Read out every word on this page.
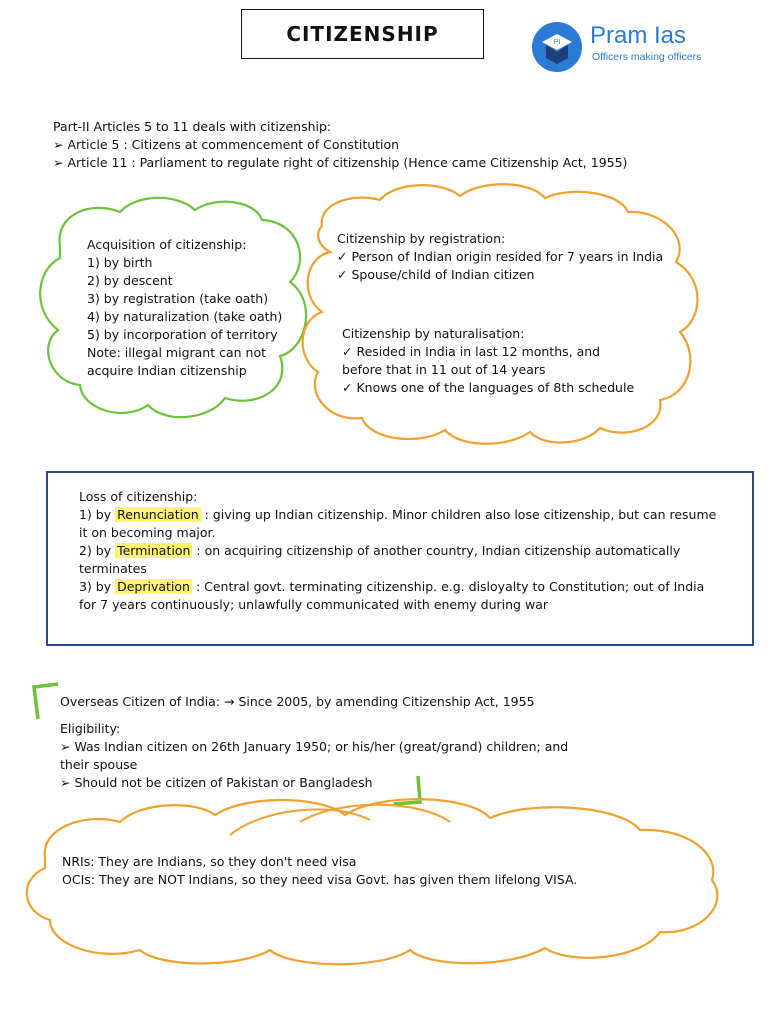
CITIZENSHIP	PI Pram Ias
Officers making officers
Part-II Articles 5 to 11 deals with citizenship:
➢ Article 5 : Citizens at commencement of Constitution
➢ Article 11 : Parliament to regulate right of citizenship (Hence came Citizenship Act, 1955)
Acquisition of citizenship:
1) by birth
2) by descent
3) by registration (take oath)
4) by naturalization (take oath)
5) by incorporation of territory
Note: illegal migrant can not
acquire Indian citizenship
Citizenship by registration:
✓ Person of Indian origin resided for 7 years in India
✓ Spouse/child of Indian citizen
Citizenship by naturalisation:
✓ Resided in India in last 12 months, and
before that in 11 out of 14 years
✓ Knows one of the languages of 8th schedule
Loss of citizenship:
1) by Renunciation : giving up Indian citizenship. Minor children also lose citizenship, but can resume
it on becoming major.
2) by Termination : on acquiring citizenship of another country, Indian citizenship automatically
terminates
3) by Deprivation : Central govt. terminating citizenship. e.g. disloyalty to Constitution; out of India
for 7 years continuously; unlawfully communicated with enemy during war
Overseas Citizen of India: → Since 2005, by amending Citizenship Act, 1955
Eligibility:
➢ Was Indian citizen on 26th January 1950; or his/her (great/grand) children; and
their spouse
➢ Should not be citizen of Pakistan or Bangladesh
NRIs: They are Indians, so they don't need visa
OCIs: They are NOT Indians, so they need visa Govt. has given them lifelong VISA.
